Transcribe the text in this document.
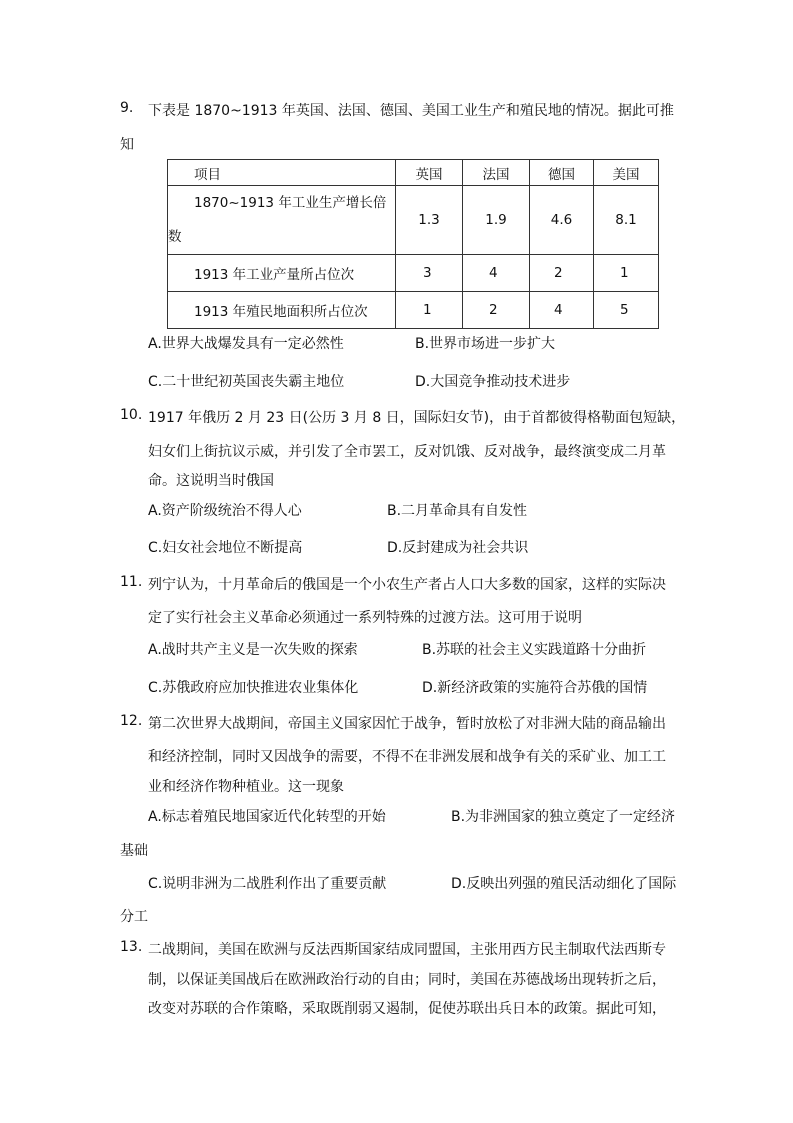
9. 下表是 1870~1913 年英国、法国、德国、美国工业生产和殖民地的情况。据此可推
知
项目	英国	法国	德国	美国

1870~1913 年工业生产增长倍数	1.3	1.9	4.6	8.1

1913 年工业产量所占位次	3	4	2	1

1913 年殖民地面积所占位次	1	2	4	5
A.世界大战爆发具有一定必然性	B.世界市场进一步扩大
C.二十世纪初英国丧失霸主地位	D.大国竞争推动技术进步
10. 1917 年俄历 2 月 23 日(公历 3 月 8 日，国际妇女节)，由于首都彼得格勒面包短缺，
妇女们上街抗议示威，并引发了全市罢工，反对饥饿、反对战争，最终演变成二月革
命。这说明当时俄国
A.资产阶级统治不得人心	B.二月革命具有自发性
C.妇女社会地位不断提高	D.反封建成为社会共识
11. 列宁认为，十月革命后的俄国是一个小农生产者占人口大多数的国家，这样的实际决
定了实行社会主义革命必须通过一系列特殊的过渡方法。这可用于说明
A.战时共产主义是一次失败的探索	B.苏联的社会主义实践道路十分曲折
C.苏俄政府应加快推进农业集体化	D.新经济政策的实施符合苏俄的国情
12. 第二次世界大战期间，帝国主义国家因忙于战争，暂时放松了对非洲大陆的商品输出
和经济控制，同时又因战争的需要，不得不在非洲发展和战争有关的采矿业、加工工
业和经济作物种植业。这一现象
A.标志着殖民地国家近代化转型的开始	B.为非洲国家的独立奠定了一定经济
基础
C.说明非洲为二战胜利作出了重要贡献	D.反映出列强的殖民活动细化了国际
分工
13. 二战期间，美国在欧洲与反法西斯国家结成同盟国，主张用西方民主制取代法西斯专
制，以保证美国战后在欧洲政治行动的自由；同时，美国在苏德战场出现转折之后，
改变对苏联的合作策略，采取既削弱又遏制，促使苏联出兵日本的政策。据此可知，
